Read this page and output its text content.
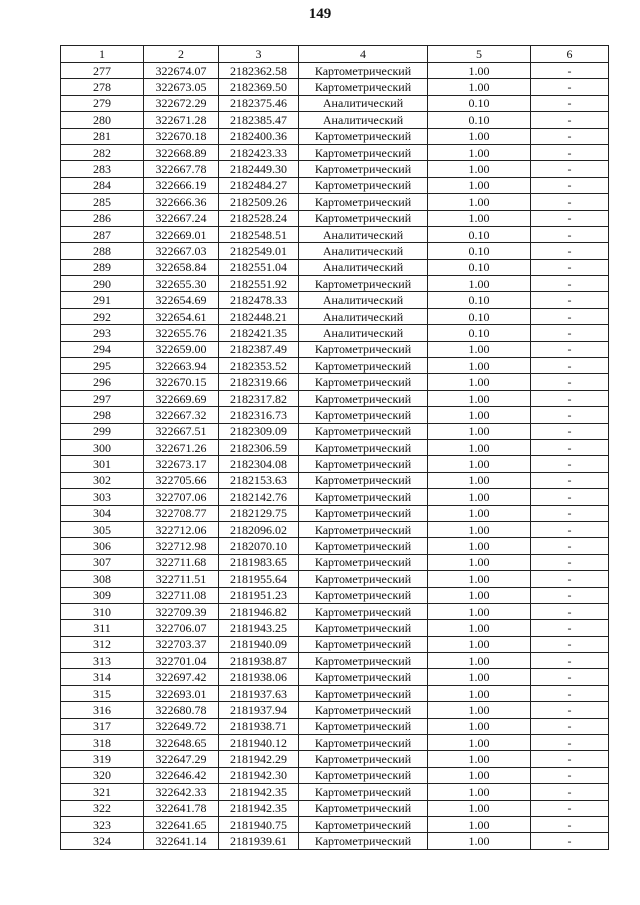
149
1	2	3	4	5	6
277	322674.07	2182362.58	Картометрический	1.00	-
278	322673.05	2182369.50	Картометрический	1.00	-
279	322672.29	2182375.46	Аналитический	0.10	-
280	322671.28	2182385.47	Аналитический	0.10	-
281	322670.18	2182400.36	Картометрический	1.00	-
282	322668.89	2182423.33	Картометрический	1.00	-
283	322667.78	2182449.30	Картометрический	1.00	-
284	322666.19	2182484.27	Картометрический	1.00	-
285	322666.36	2182509.26	Картометрический	1.00	-
286	322667.24	2182528.24	Картометрический	1.00	-
287	322669.01	2182548.51	Аналитический	0.10	-
288	322667.03	2182549.01	Аналитический	0.10	-
289	322658.84	2182551.04	Аналитический	0.10	-
290	322655.30	2182551.92	Картометрический	1.00	-
291	322654.69	2182478.33	Аналитический	0.10	-
292	322654.61	2182448.21	Аналитический	0.10	-
293	322655.76	2182421.35	Аналитический	0.10	-
294	322659.00	2182387.49	Картометрический	1.00	-
295	322663.94	2182353.52	Картометрический	1.00	-
296	322670.15	2182319.66	Картометрический	1.00	-
297	322669.69	2182317.82	Картометрический	1.00	-
298	322667.32	2182316.73	Картометрический	1.00	-
299	322667.51	2182309.09	Картометрический	1.00	-
300	322671.26	2182306.59	Картометрический	1.00	-
301	322673.17	2182304.08	Картометрический	1.00	-
302	322705.66	2182153.63	Картометрический	1.00	-
303	322707.06	2182142.76	Картометрический	1.00	-
304	322708.77	2182129.75	Картометрический	1.00	-
305	322712.06	2182096.02	Картометрический	1.00	-
306	322712.98	2182070.10	Картометрический	1.00	-
307	322711.68	2181983.65	Картометрический	1.00	-
308	322711.51	2181955.64	Картометрический	1.00	-
309	322711.08	2181951.23	Картометрический	1.00	-
310	322709.39	2181946.82	Картометрический	1.00	-
311	322706.07	2181943.25	Картометрический	1.00	-
312	322703.37	2181940.09	Картометрический	1.00	-
313	322701.04	2181938.87	Картометрический	1.00	-
314	322697.42	2181938.06	Картометрический	1.00	-
315	322693.01	2181937.63	Картометрический	1.00	-
316	322680.78	2181937.94	Картометрический	1.00	-
317	322649.72	2181938.71	Картометрический	1.00	-
318	322648.65	2181940.12	Картометрический	1.00	-
319	322647.29	2181942.29	Картометрический	1.00	-
320	322646.42	2181942.30	Картометрический	1.00	-
321	322642.33	2181942.35	Картометрический	1.00	-
322	322641.78	2181942.35	Картометрический	1.00	-
323	322641.65	2181940.75	Картометрический	1.00	-
324	322641.14	2181939.61	Картометрический	1.00	-
